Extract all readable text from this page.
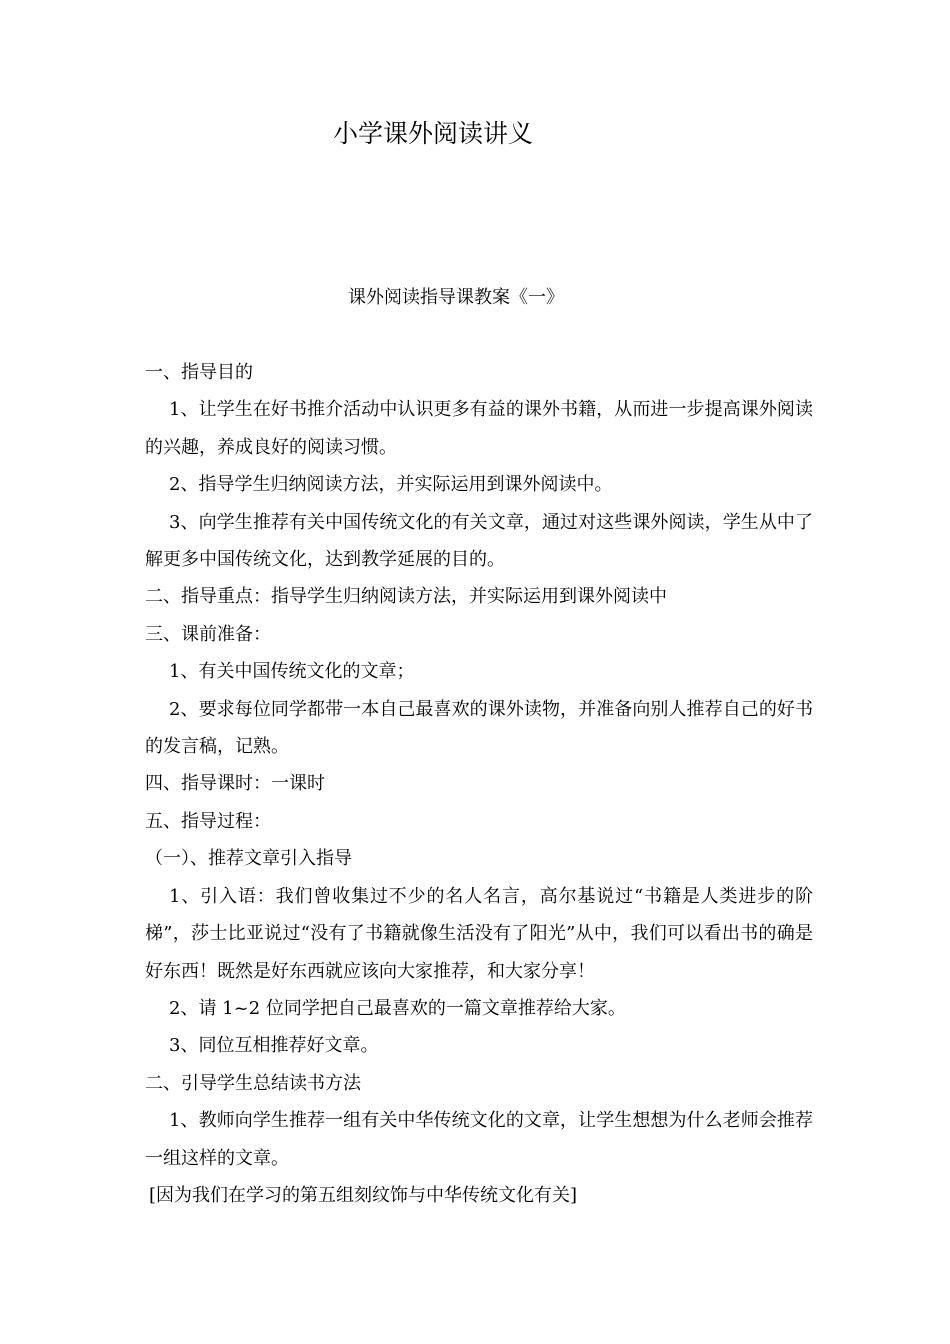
小学课外阅读讲义
课外阅读指导课教案《一》

一、指导目的

1、让学生在好书推介活动中认识更多有益的课外书籍，从而进一步提高课外阅读的兴趣，养成良好的阅读习惯。

2、指导学生归纳阅读方法，并实际运用到课外阅读中。

3、向学生推荐有关中国传统文化的有关文章，通过对这些课外阅读，学生从中了解更多中国传统文化，达到教学延展的目的。

二、指导重点：指导学生归纳阅读方法，并实际运用到课外阅读中

三、课前准备：

1、有关中国传统文化的文章；

2、要求每位同学都带一本自己最喜欢的课外读物，并准备向别人推荐自己的好书的发言稿，记熟。

四、指导课时：一课时

五、指导过程：

（一）、推荐文章引入指导

1、引入语：我们曾收集过不少的名人名言，高尔基说过“书籍是人类进步的阶梯”，莎士比亚说过“没有了书籍就像生活没有了阳光”从中，我们可以看出书的确是好东西！既然是好东西就应该向大家推荐，和大家分享！

2、请 1~2 位同学把自己最喜欢的一篇文章推荐给大家。

3、同位互相推荐好文章。

二、引导学生总结读书方法

1、教师向学生推荐一组有关中华传统文化的文章，让学生想想为什么老师会推荐一组这样的文章。

[因为我们在学习的第五组刻纹饰与中华传统文化有关]
